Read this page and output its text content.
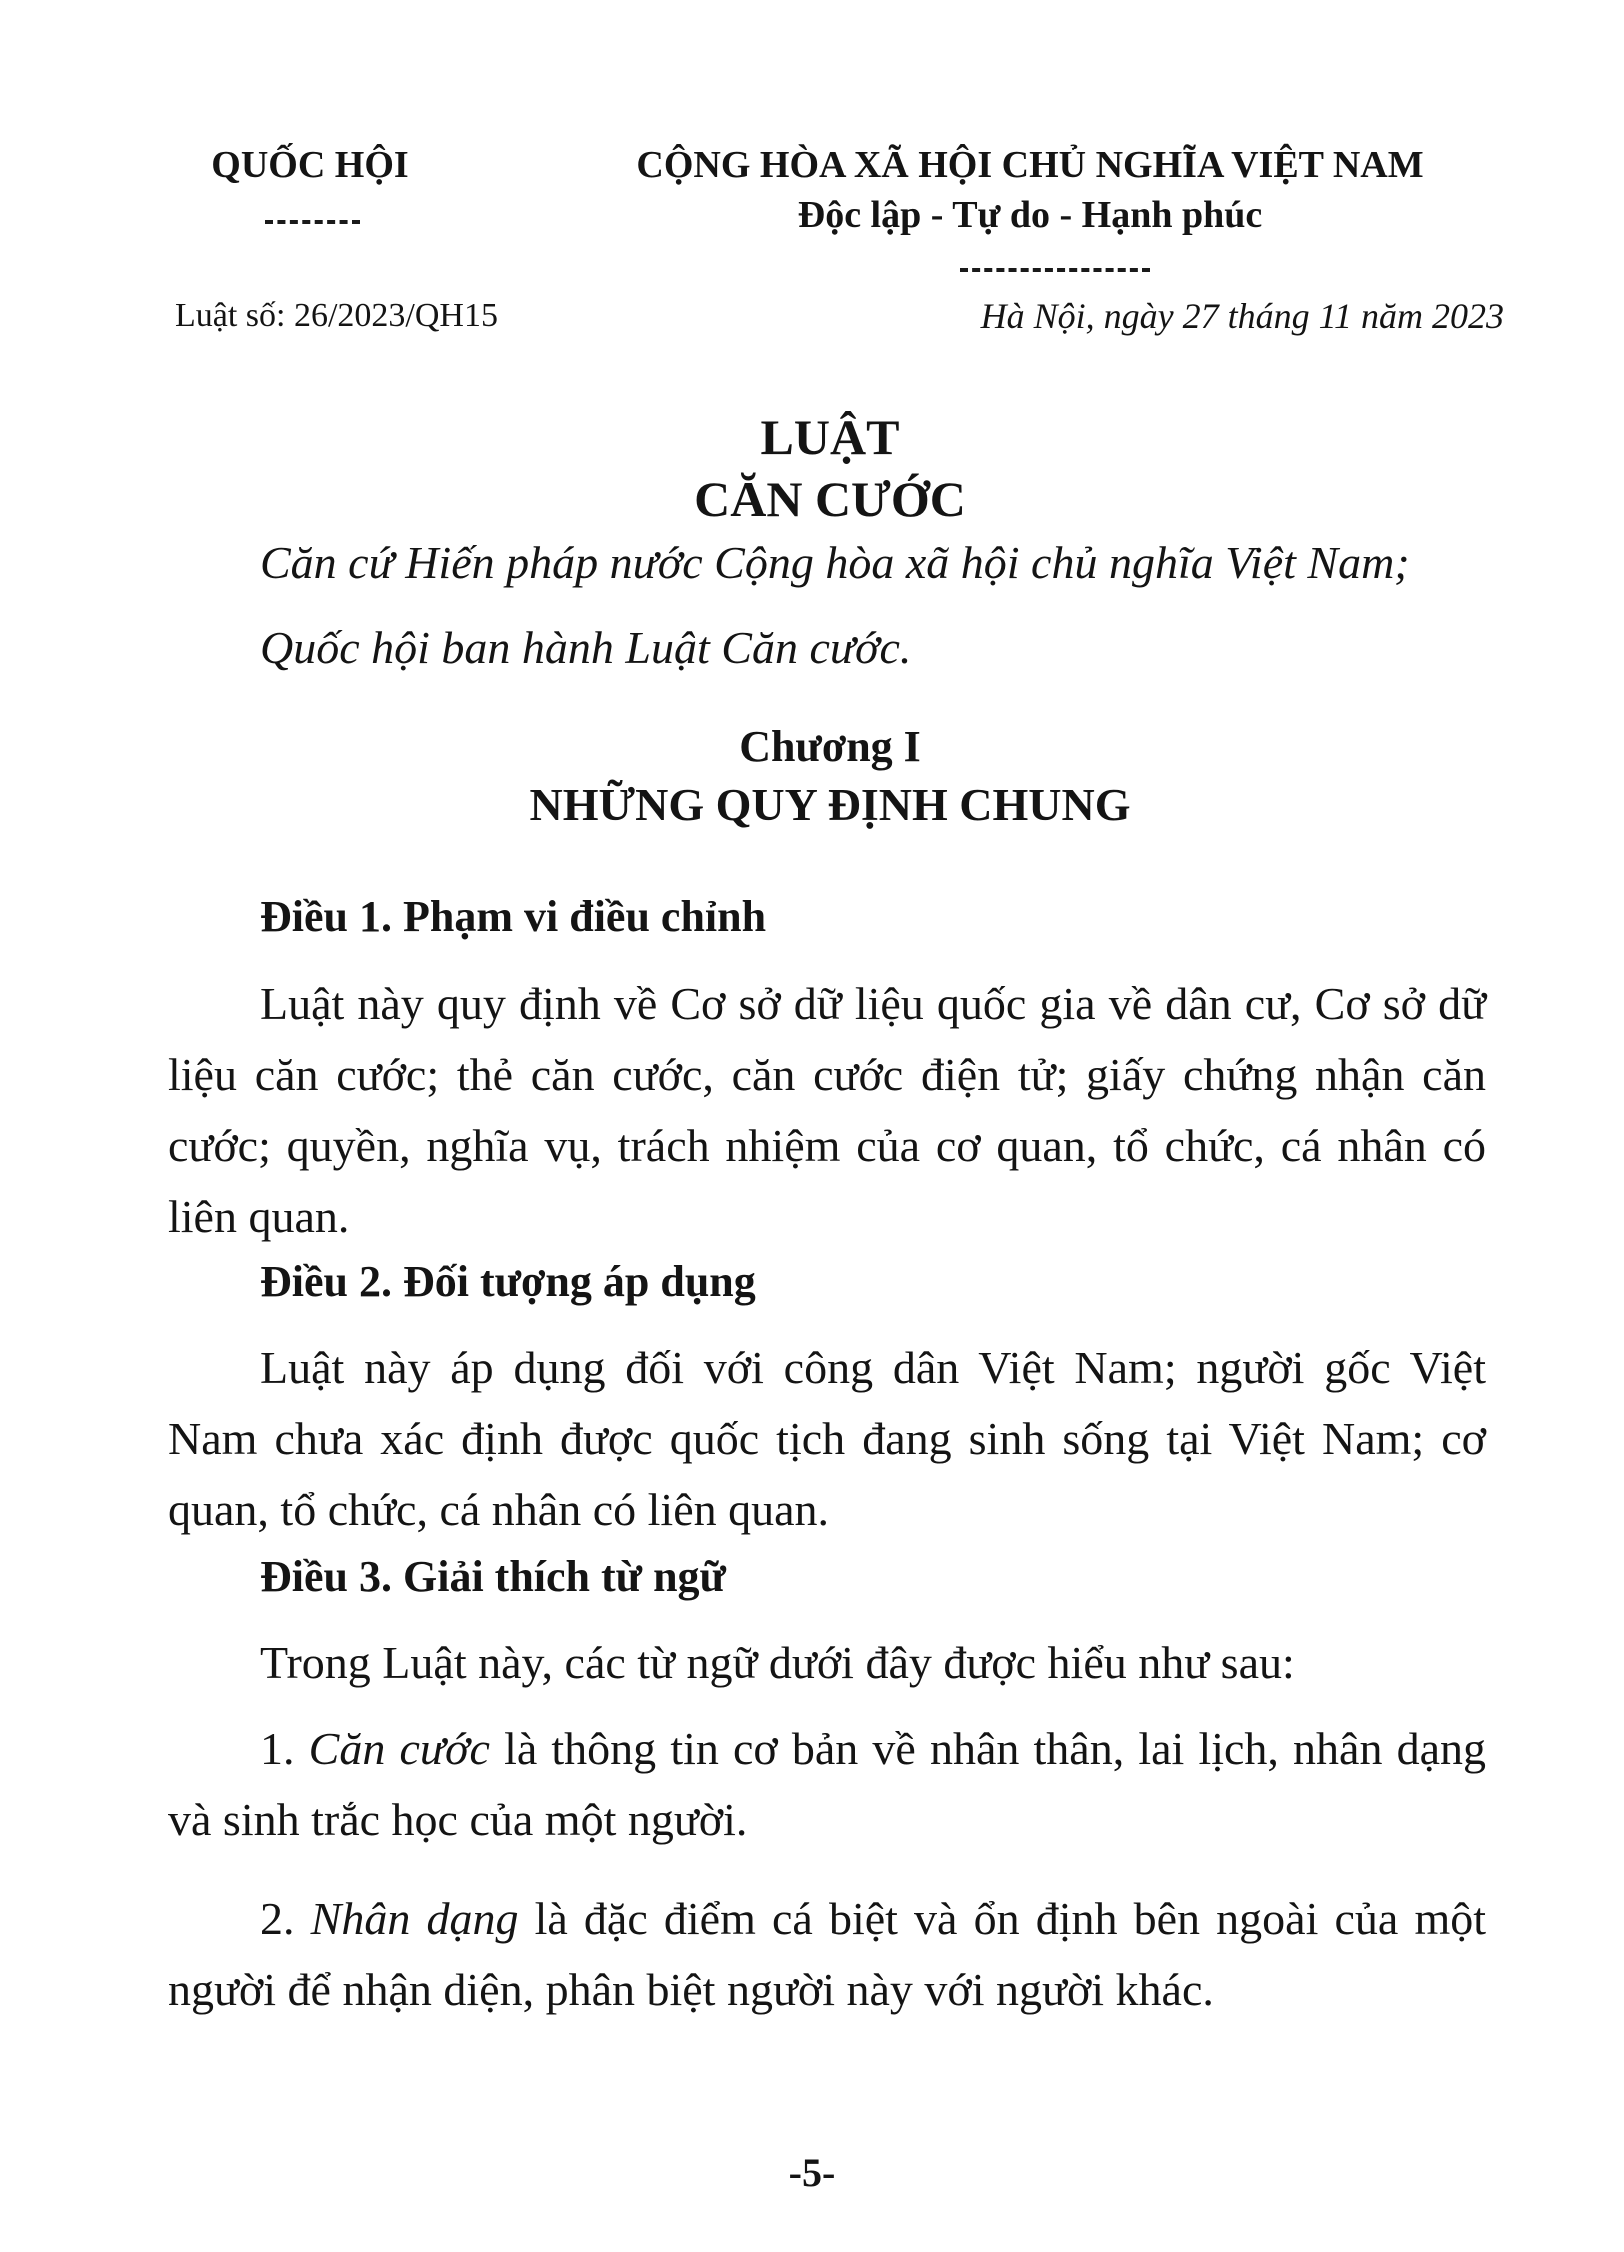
QUỐC HỘI	CỘNG HÒA XÃ HỘI CHỦ NGHĨA VIỆT NAM
Độc lập - Tự do - Hạnh phúc
Luật số: 26/2023/QH15	Hà Nội, ngày 27 tháng 11 năm 2023
LUẬT
CĂN CƯỚC
Căn cứ Hiến pháp nước Cộng hòa xã hội chủ nghĩa Việt Nam;
Quốc hội ban hành Luật Căn cước.
Chương I
NHỮNG QUY ĐỊNH CHUNG
Điều 1. Phạm vi điều chỉnh
Luật này quy định về Cơ sở dữ liệu quốc gia về dân cư, Cơ sở dữ liệu căn cước; thẻ căn cước, căn cước điện tử; giấy chứng nhận căn cước; quyền, nghĩa vụ, trách nhiệm của cơ quan, tổ chức, cá nhân có liên quan.
Điều 2. Đối tượng áp dụng
Luật này áp dụng đối với công dân Việt Nam; người gốc Việt Nam chưa xác định được quốc tịch đang sinh sống tại Việt Nam; cơ quan, tổ chức, cá nhân có liên quan.
Điều 3. Giải thích từ ngữ
Trong Luật này, các từ ngữ dưới đây được hiểu như sau:
1. Căn cước là thông tin cơ bản về nhân thân, lai lịch, nhân dạng và sinh trắc học của một người.
2. Nhân dạng là đặc điểm cá biệt và ổn định bên ngoài của một người để nhận diện, phân biệt người này với người khác.
-5-
